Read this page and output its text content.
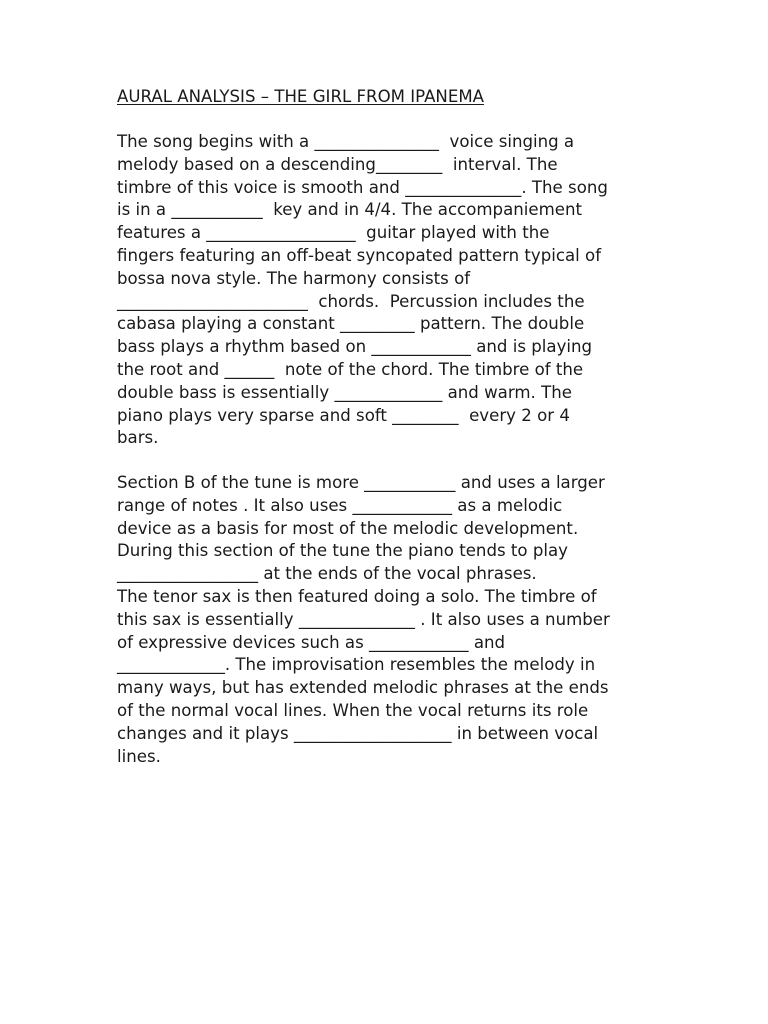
AURAL ANALYSIS – THE GIRL FROM IPANEMA
The song begins with a _______________  voice singing a
melody based on a descending________  interval. The
timbre of this voice is smooth and ______________. The song
is in a ___________  key and in 4/4. The accompaniement
features a __________________  guitar played with the
fingers featuring an off-beat syncopated pattern typical of
bossa nova style. The harmony consists of
_______________________  chords.  Percussion includes the
cabasa playing a constant _________ pattern. The double
bass plays a rhythm based on ____________ and is playing
the root and ______  note of the chord. The timbre of the
double bass is essentially _____________ and warm. The
piano plays very sparse and soft ________  every 2 or 4
bars.
Section B of the tune is more ___________ and uses a larger
range of notes . It also uses ____________ as a melodic
device as a basis for most of the melodic development.
During this section of the tune the piano tends to play
_________________ at the ends of the vocal phrases.
The tenor sax is then featured doing a solo. The timbre of
this sax is essentially ______________ . It also uses a number
of expressive devices such as ____________ and
_____________. The improvisation resembles the melody in
many ways, but has extended melodic phrases at the ends
of the normal vocal lines. When the vocal returns its role
changes and it plays ___________________ in between vocal
lines.
